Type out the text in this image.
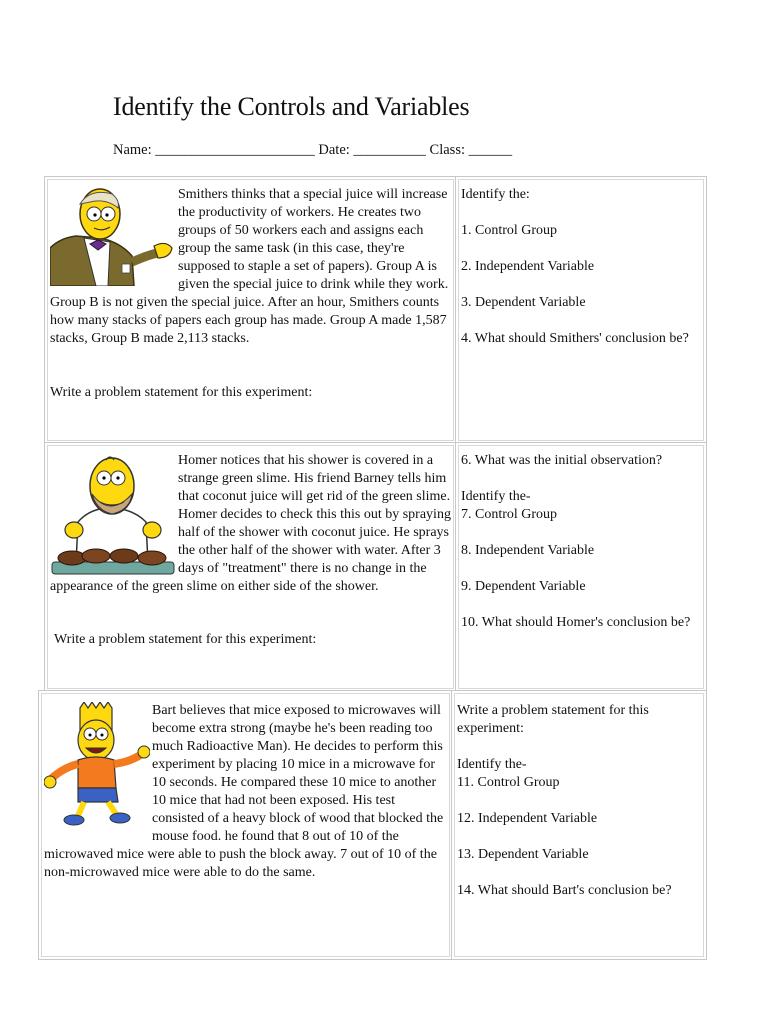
Identify the Controls and Variables
Name: ______________________ Date: __________ Class: ______

Smithers thinks that a special juice will increase the productivity of workers. He creates two groups of 50 workers each and assigns each group the same task (in this case, they're supposed to staple a set of papers). Group A is given the special juice to drink while they work. Group B is not given the special juice. After an hour, Smithers counts how many stacks of papers each group has made. Group A made 1,587 stacks, Group B made 2,113 stacks.

Write a problem statement for this experiment:

Identify the:

1. Control Group

2. Independent Variable

3. Dependent Variable

4. What should Smithers' conclusion be?

Homer notices that his shower is covered in a strange green slime. His friend Barney tells him that coconut juice will get rid of the green slime. Homer decides to check this this out by spraying half of the shower with coconut juice. He sprays the other half of the shower with water. After 3 days of "treatment" there is no change in the appearance of the green slime on either side of the shower.

Write a problem statement for this experiment:

6. What was the initial observation?

Identify the-

7. Control Group

8. Independent Variable

9. Dependent Variable

10. What should Homer's conclusion be?

Bart believes that mice exposed to microwaves will become extra strong (maybe he's been reading too much Radioactive Man). He decides to perform this experiment by placing 10 mice in a microwave for 10 seconds. He compared these 10 mice to another 10 mice that had not been exposed. His test consisted of a heavy block of wood that blocked the mouse food. he found that 8 out of 10 of the microwaved mice were able to push the block away. 7 out of 10 of the non-microwaved mice were able to do the same.

Write a problem statement for this experiment:

Identify the-

11. Control Group

12. Independent Variable

13. Dependent Variable

14. What should Bart's conclusion be?
